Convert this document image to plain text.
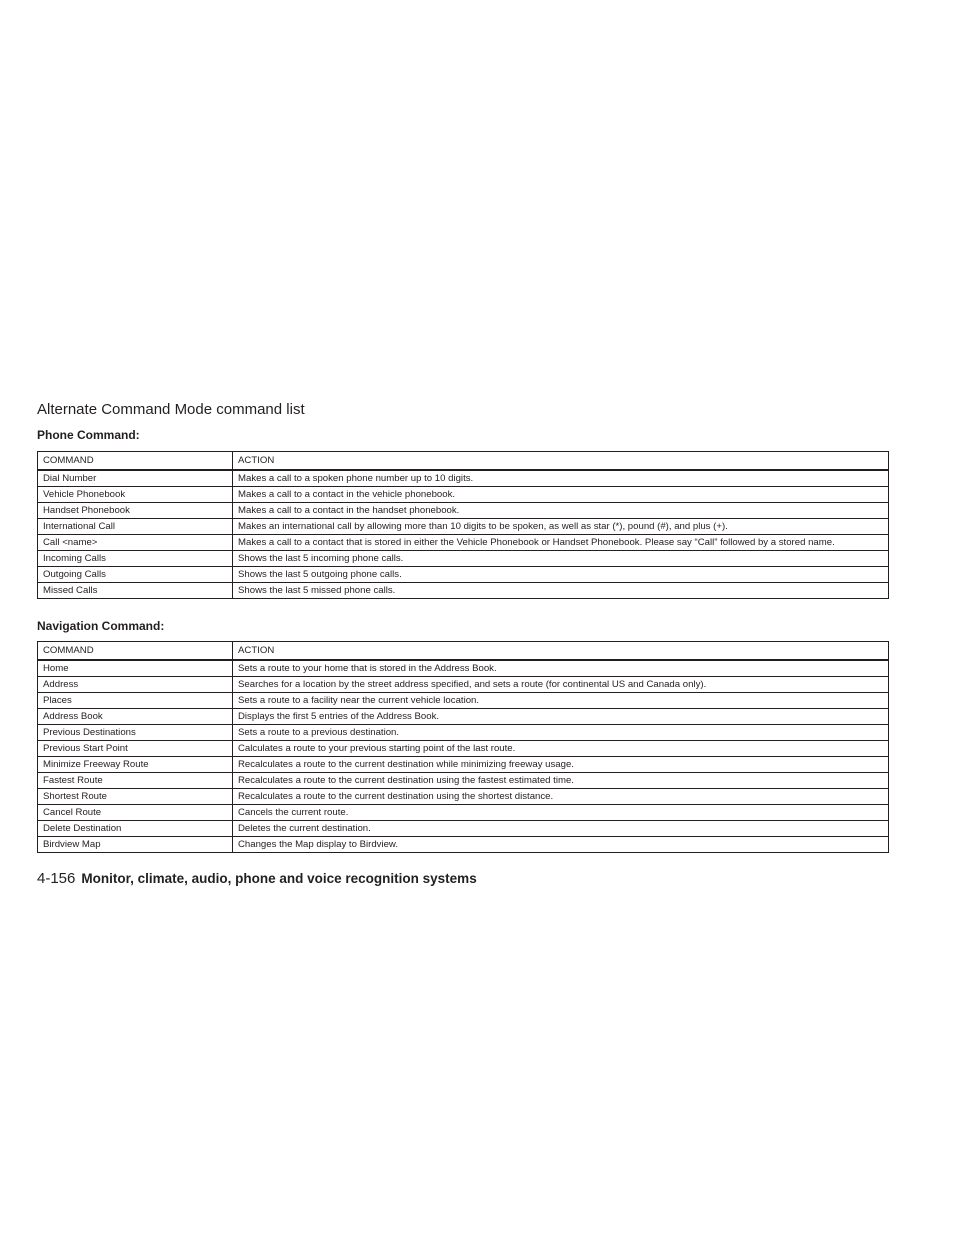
Alternate Command Mode command list
Phone Command:
COMMAND	ACTION
Dial Number	Makes a call to a spoken phone number up to 10 digits.
Vehicle Phonebook	Makes a call to a contact in the vehicle phonebook.
Handset Phonebook	Makes a call to a contact in the handset phonebook.
International Call	Makes an international call by allowing more than 10 digits to be spoken, as well as star (*), pound (#), and plus (+).
Call <name>	Makes a call to a contact that is stored in either the Vehicle Phonebook or Handset Phonebook. Please say “Call” followed by a stored name.
Incoming Calls	Shows the last 5 incoming phone calls.
Outgoing Calls	Shows the last 5 outgoing phone calls.
Missed Calls	Shows the last 5 missed phone calls.
Navigation Command:
COMMAND	ACTION
Home	Sets a route to your home that is stored in the Address Book.
Address	Searches for a location by the street address specified, and sets a route (for continental US and Canada only).
Places	Sets a route to a facility near the current vehicle location.
Address Book	Displays the first 5 entries of the Address Book.
Previous Destinations	Sets a route to a previous destination.
Previous Start Point	Calculates a route to your previous starting point of the last route.
Minimize Freeway Route	Recalculates a route to the current destination while minimizing freeway usage.
Fastest Route	Recalculates a route to the current destination using the fastest estimated time.
Shortest Route	Recalculates a route to the current destination using the shortest distance.
Cancel Route	Cancels the current route.
Delete Destination	Deletes the current destination.
Birdview Map	Changes the Map display to Birdview.
4-156 Monitor, climate, audio, phone and voice recognition systems
